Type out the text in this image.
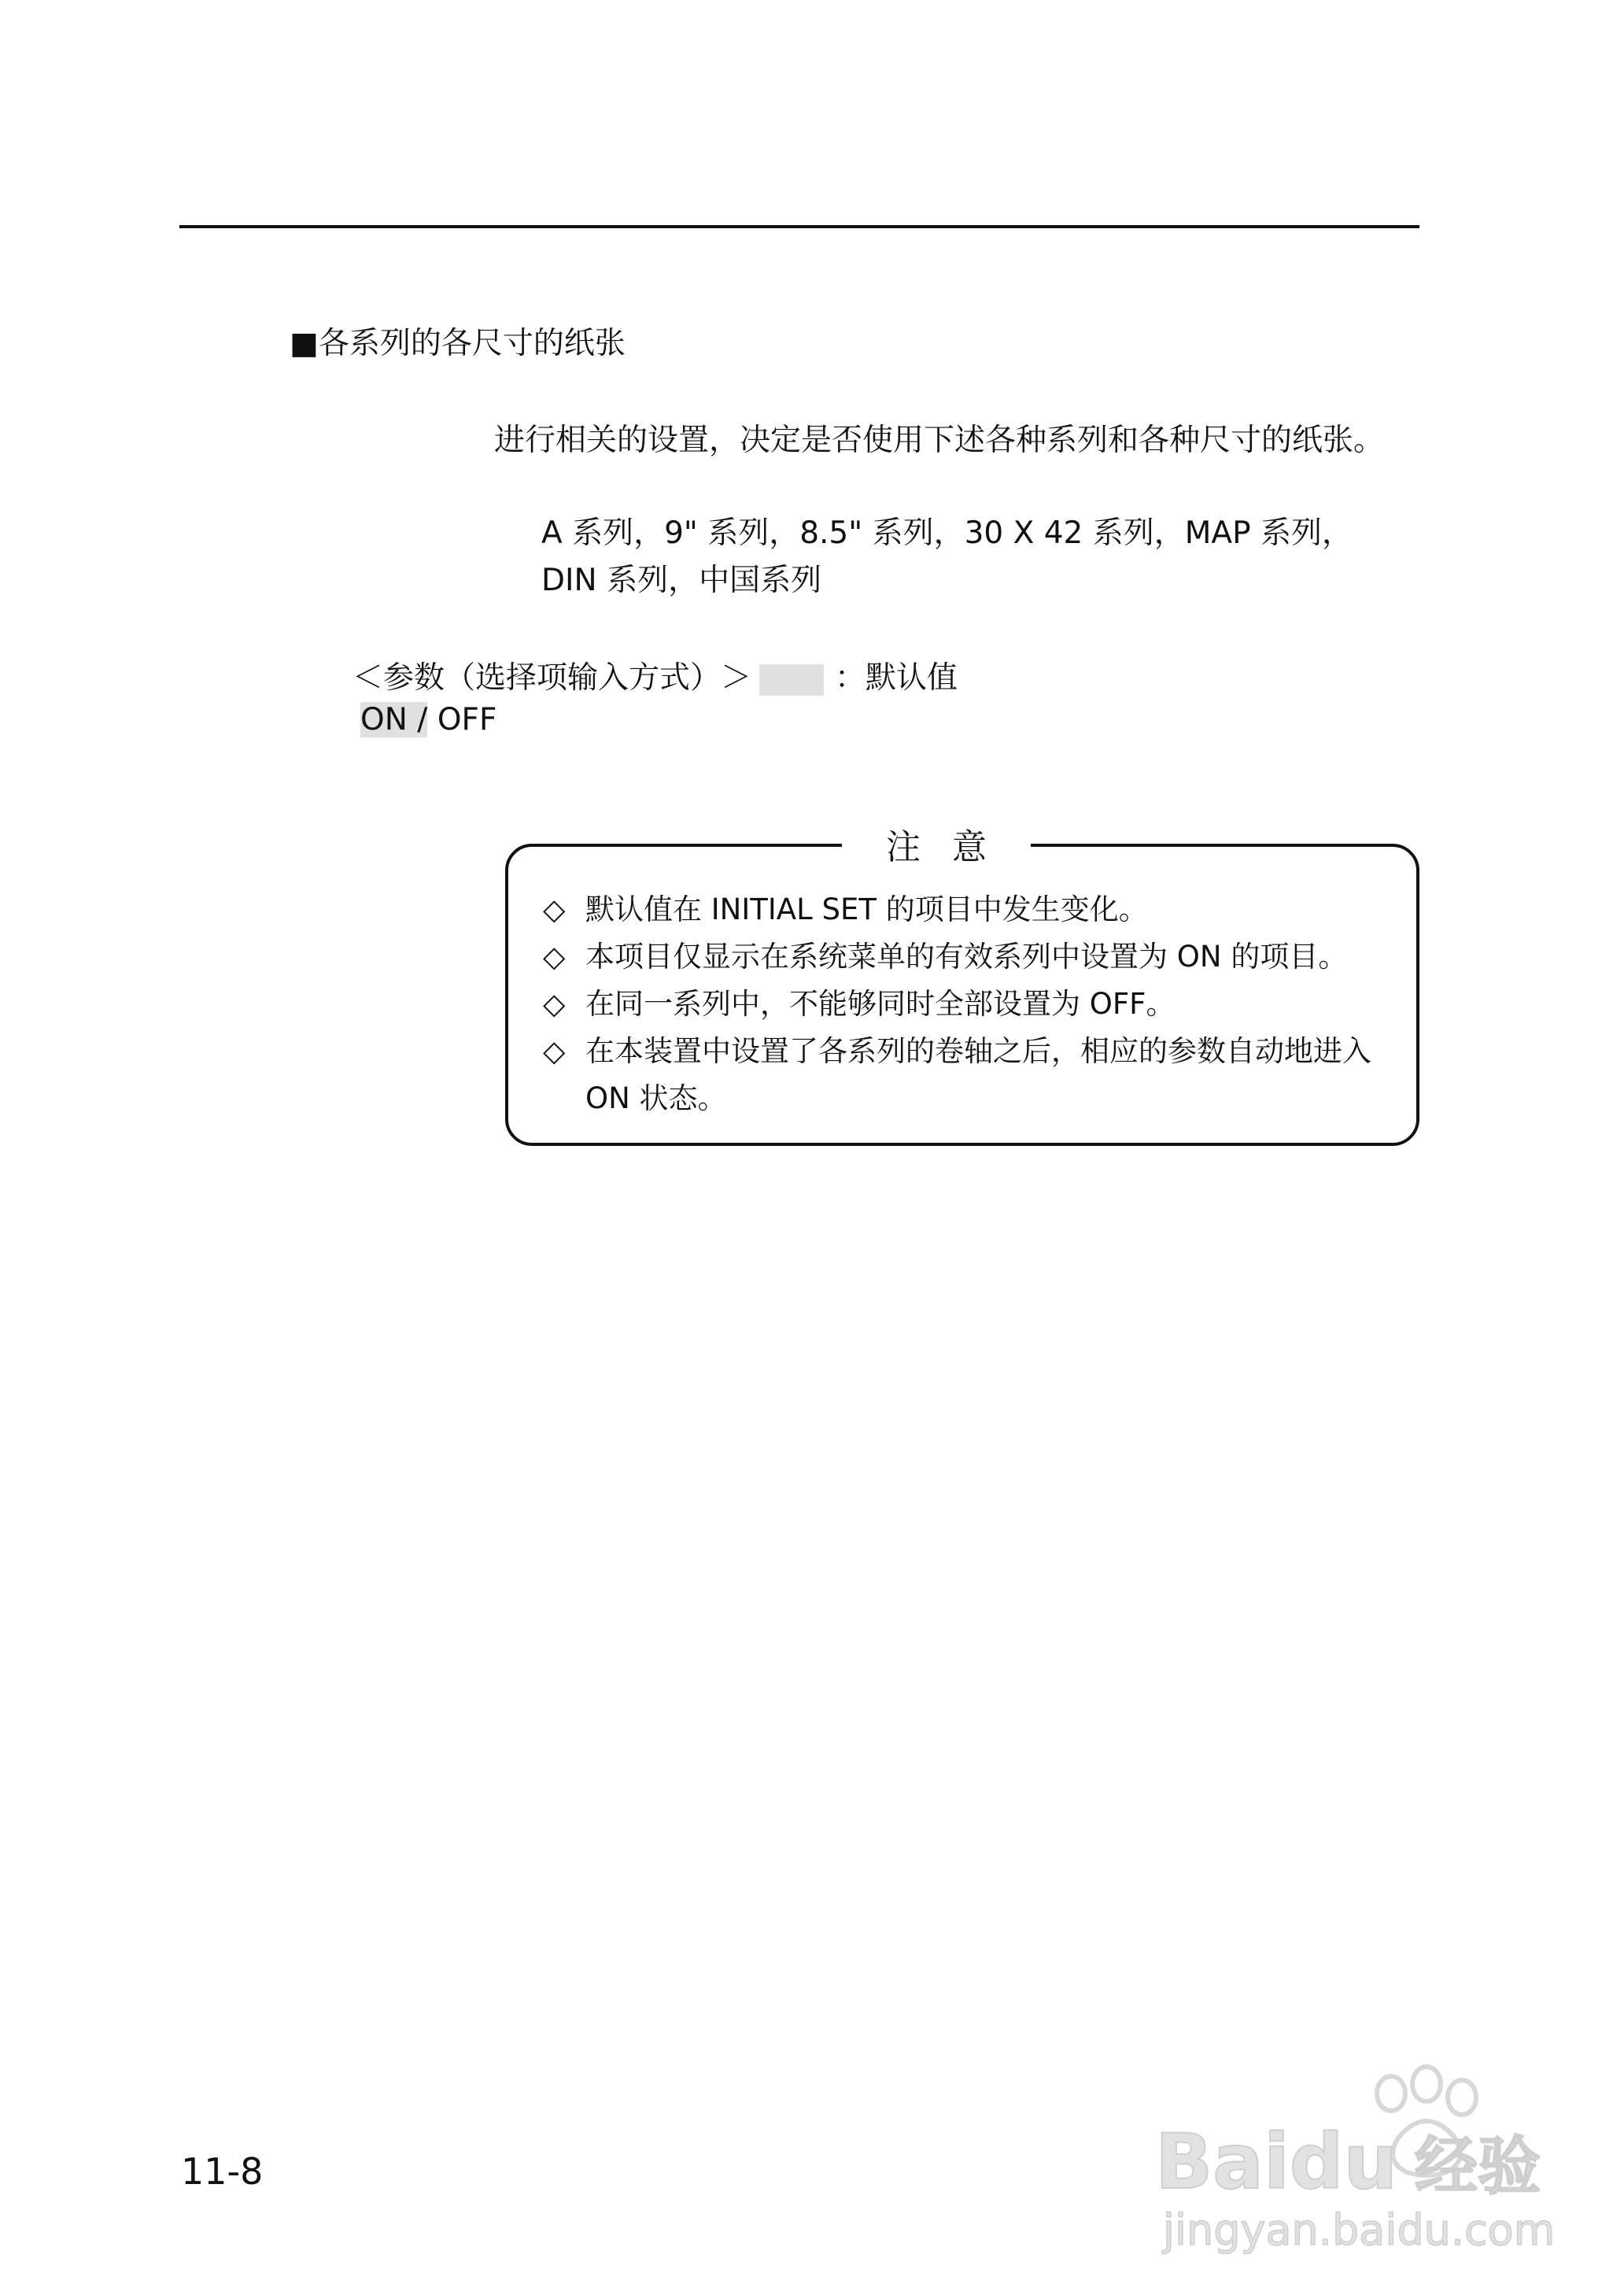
■各系列的各尺寸的纸张
进行相关的设置，决定是否使用下述各种系列和各种尺寸的纸张。
A 系列，9" 系列，8.5" 系列，30 X 42 系列，MAP 系列，
DIN 系列，中国系列
＜参数（选择项输入方式）＞	：默认值
ON / OFF
注意
◇ 默认值在 INITIAL SET 的项目中发生变化。
◇ 本项目仅显示在系统菜单的有效系列中设置为 ON 的项目。
◇ 在同一系列中，不能够同时全部设置为 OFF。
◇ 在本装置中设置了各系列的卷轴之后，相应的参数自动地进入 ON 状态。
11-8	Baidu 经验
jingyan.baidu.com
